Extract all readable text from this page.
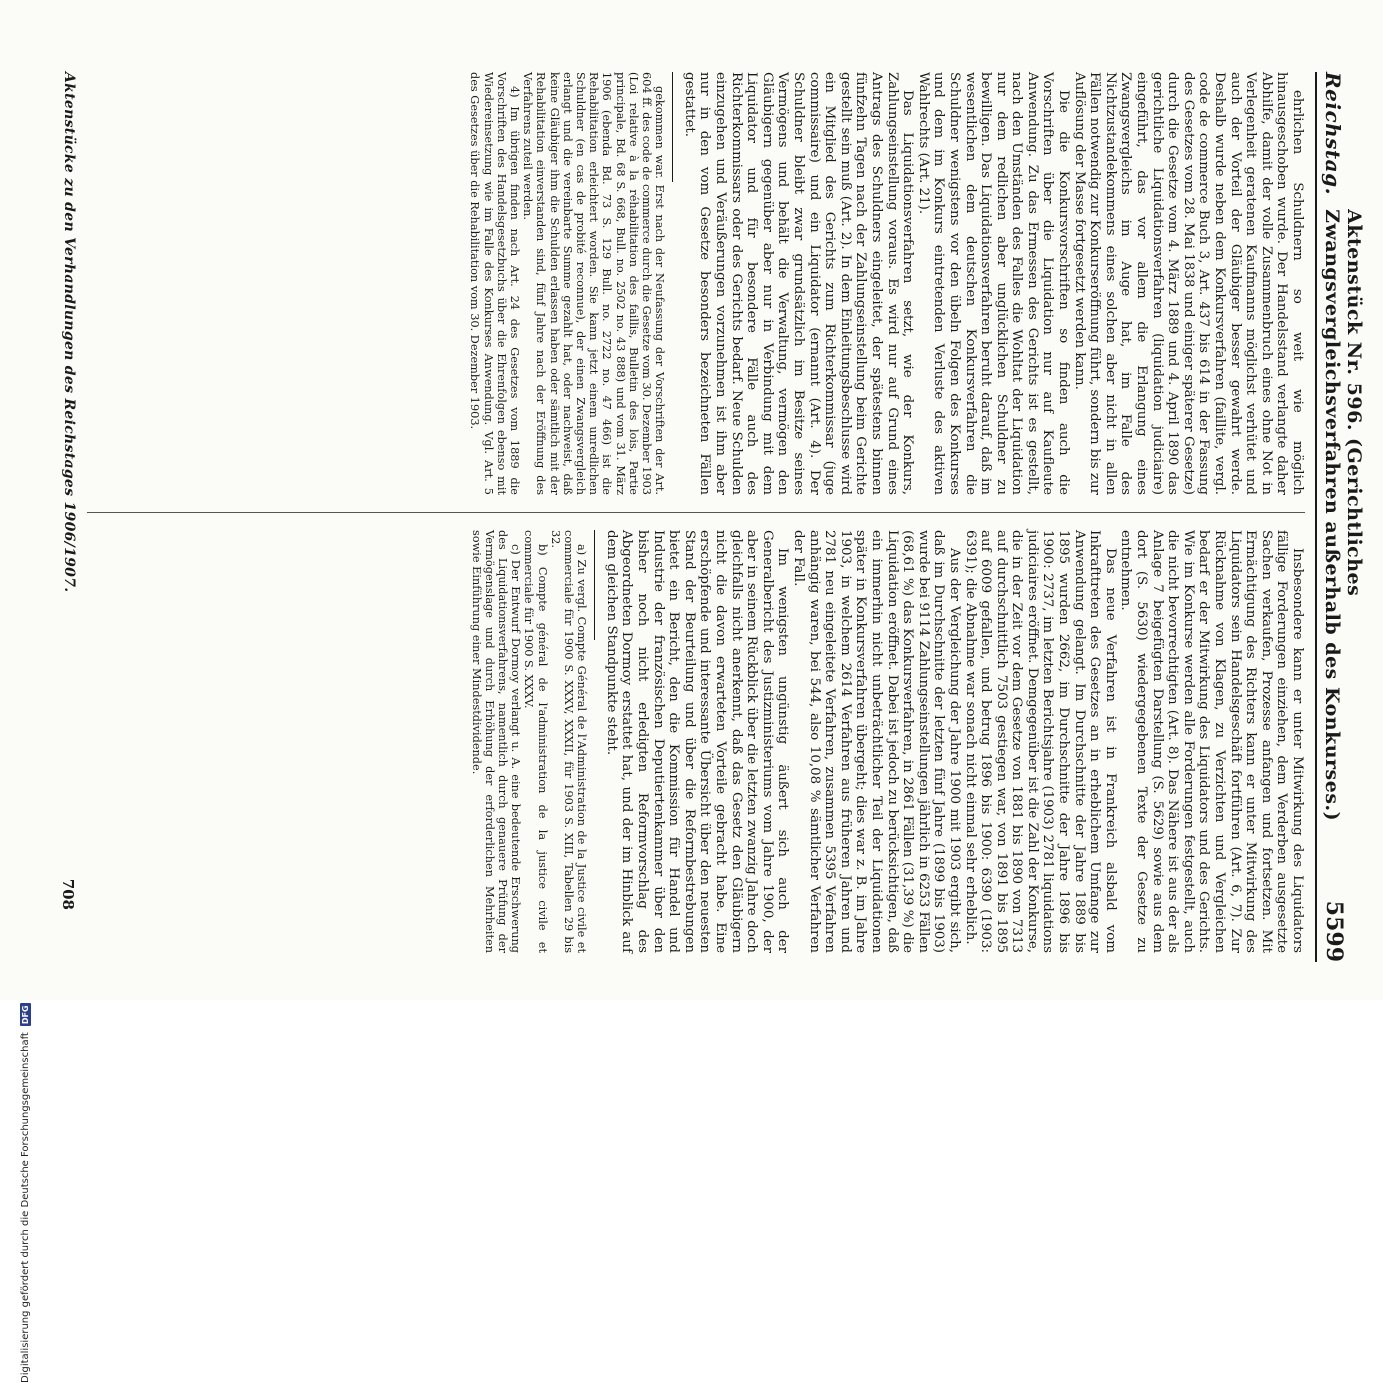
Reichstag.
Aktenstück Nr. 596. (Gerichtliches Zwangsvergleichsverfahren außerhalb des Konkurses.)
5599

ehrlichen Schuldnern so weit wie möglich hinausgeschoben wurde. Der Handelsstand verlangte daher Abhilfe, damit der volle Zusammenbruch eines ohne Not in Verlegenheit geratenen Kaufmanns möglichst verhütet und auch der Vorteil der Gläubiger besser gewahrt werde. Deshalb wurde neben dem Konkursverfahren (faillite, vergl. code de commerce Buch 3, Art. 437 bis 614 in der Fassung des Gesetzes vom 28. Mai 1838 und einiger späterer Gesetze) durch die Gesetze vom 4. März 1889 und 4. April 1890 das gerichtliche Liquidationsverfahren (liquidation judiciaire) eingeführt, das vor allem die Erlangung eines Zwangsvergleichs im Auge hat, im Falle des Nichtzustandekommens eines solchen aber nicht in allen Fällen notwendig zur Konkurseröffnung führt, sondern bis zur Auflösung der Masse fortgesetzt werden kann.

Die die Konkursvorschriften so finden auch die Vorschriften über die Liquidation nur auf Kaufleute Anwendung. Zu das Ermessen des Gerichts ist es gestellt, nach den Umständen des Falles die Wohltat der Liquidation nur dem redlichen aber unglücklichen Schuldner zu bewilligen. Das Liquidationsverfahren beruht darauf, daß im wesentlichen dem deutschen Konkursverfahren die Schuldner wenigstens vor den übeln Folgen des Konkurses und dem im Konkurs eintretenden Verluste des aktiven Wahlrechts (Art. 21).

Das Liquidationsverfahren setzt, wie der Konkurs, Zahlungseinstellung voraus. Es wird nur auf Grund eines Antrags des Schuldners eingeleitet, der spätestens binnen fünfzehn Tagen nach der Zahlungseinstellung beim Gerichte gestellt sein muß (Art. 2). In dem Einleitungsbeschlusse wird ein Mitglied des Gerichts zum Richterkommissar (juge commissaire) und ein Liquidator (ernannt (Art. 4). Der Schuldner bleibt zwar grundsätzlich im Besitze seines Vermögens und behält die Verwaltung, vermögen den Gläubigern gegenüber aber nur in Verbindung mit dem Liquidator und für besondere Fälle auch des Richterkommissars oder des Gerichts bedarf. Neue Schulden einzugehen und Veräußerungen vorzunehmen ist ihm aber nur in den vom Gesetze besonders bezeichneten Fällen gestattet.

gekommen war. Erst nach der Neufassung der Vorschriften der Art. 604 ff. des code de commerce durch die Gesetze vom 30. Dezember 1903 (Loi relative à la réhabilitation des faillis, Bulletin des lois, Partie principale, Bd. 68 S. 668, Bull. no. 2502 no. 43 888) und vom 31. März 1906 (ebenda Bd. 73 S. 129 Bull. no. 2722 no. 47 466) ist die Rehabilitation erleichtert worden. Sie kann jetzt einem unredlichen Schuldner (en cas de probité reconnue), der einen Zwangsvergleich erlangt und die vereinbarte Summe gezahlt hat, oder nachweist, daß keine Gläubiger ihm die Schulden erlassen haben oder sämtlich mit der Rehabilitation einverstanden sind, fünf Jahre nach der Eröffnung des Verfahrens zuteil werden.

4) Im übrigen finden nach Art. 24 des Gesetzes vom 1889 die Vorschriften des Handelsgesetzbuchs über die Ehrenfolgen ebenso mit Wiedereinsetzung wie im Falle des Konkurses Anwendung. Vgl. Art. 5 des Gesetzes über die Rehabilitation vom 30. Dezember 1903.

Insbesondere kann er unter Mitwirkung des Liquidators fällige Forderungen einziehen, dem Verderben ausgesetzte Sachen verkaufen, Prozesse anfangen und fortsetzen. Mit Ermächtigung des Richters kann er unter Mitwirkung des Liquidators sein Handelsgeschäft fortführen (Art. 6, 7). Zur Rücknahme von Klagen, zu Verzichten und Vergleichen bedarf er der Mitwirkung des Liquidators und des Gerichts. Wie im Konkurse werden alle Forderungen festgestellt, auch die nicht bevorrechtigten (Art. 8). Das Nähere ist aus der als Anlage 7 beigefügten Darstellung (S. 5629) sowie aus dem dort (S. 5630) wiedergegebenen Texte der Gesetze zu entnehmen.

Das neue Verfahren ist in Frankreich alsbald vom Inkrafttreten des Gesetzes an in erheblichem Umfange zur Anwendung gelangt. Im Durchschnitte der Jahre 1889 bis 1895 wurden 2662, im Durchschnitte der Jahre 1896 bis 1900: 2737, im letzten Berichtsjahre (1903) 2781 liquidations judiciaires eröffnet. Demgegenüber ist die Zahl der Konkurse, die in der Zeit vor dem Gesetze von 1881 bis 1890 von 7313 auf durchschnittlich 7503 gestiegen war, von 1891 bis 1895 auf 6009 gefallen, und betrug 1896 bis 1900: 6390 (1903: 6391); die Abnahme war sonach nicht einmal sehr erheblich.

Aus der Vergleichung der Jahre 1900 mit 1903 ergibt sich, daß im Durchschnitte der letzten fünf Jahre (1899 bis 1903) wurde bei 9114 Zahlungseinstellungen jährlich in 6253 Fällen (68,61 %) das Konkursverfahren, in 2861 Fällen (31,39 %) die Liquidation eröffnet. Dabei ist jedoch zu berücksichtigen, daß ein immerhin nicht unbeträchtlicher Teil der Liquidationen später in Konkursverfahren übergeht; dies war z. B. im Jahre 1903, in welchem 2614 Verfahren aus früheren Jahren und 2781 neu eingeleitete Verfahren, zusammen 5395 Verfahren anhängig waren, bei 544, also 10,08 % sämtlicher Verfahren der Fall.

Im wenigsten ungünstig äußert sich auch der Generalbericht des Justizministeriums vom Jahre 1900, der aber in seinem Rückblick über die letzten zwanzig Jahre doch gleichfalls nicht anerkennt, daß das Gesetz den Gläubigern nicht die davon erwarteten Vorteile gebracht habe. Eine erschöpfende und interessante Übersicht über den neuesten Stand der Beurteilung und über die Reformbestrebungen bietet ein Bericht, den die Kommission für Handel und Industrie der französischen Deputiertenkammer über den bisher noch nicht erledigten Reformvorschlag des Abgeordneten Dormoy erstattet hat, und der im Hinblick auf dem gleichen Standpunkte steht.

a) Zu vergl. Compte Général de l'Administration de la Justice civile et commerciale für 1900 S. XXXV, XXXII, für 1903 S. XIII, Tabellen 29 bis 32.

b) Compte général de l'administration de la justice civile et commerciale für 1900 S. XXXV.

c) Der Entwurf Dormoy verlangt u. A. eine bedeutende Erschwerung des Liquidationsverfahrens, namentlich durch genauere Prüfung der Vermögenslage und durch Erhöhung der erforderlichen Mehrheiten sowie Einführung einer Mindestdividende.

Aktenstücke zu den Verhandlungen des Reichstages 1906/1907.
708
Digitalisierung gefördert durch die Deutsche Forschungsgemeinschaft
DFG
